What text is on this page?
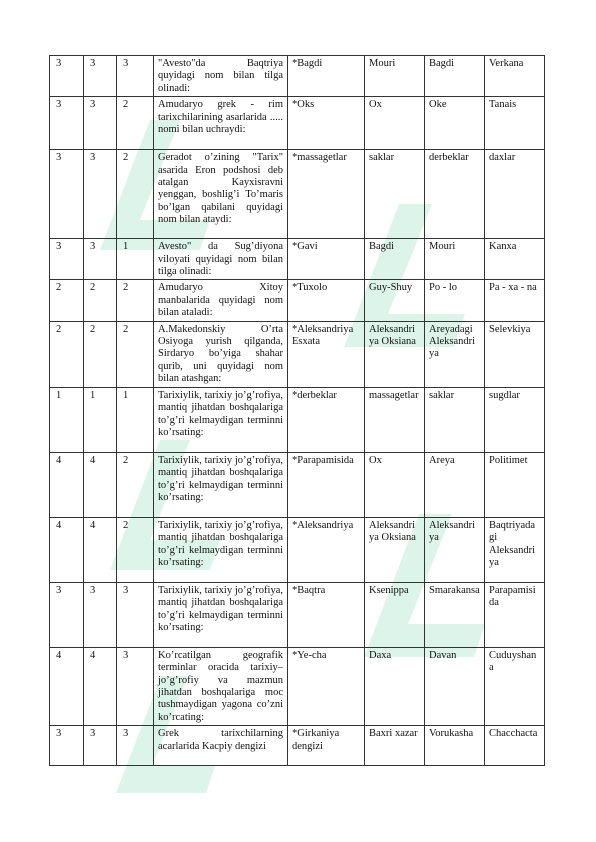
3	3	3	"Avesto"da Baqtriya quyidagi nom bilan tilga olinadi:	*Bagdi	Mouri	Bagdi	Verkana
3	3	2	Amudaryo grek - rim tarixchilarining asarlarida ..... nomi bilan uchraydi:	*Oks	Ox	Oke	Tanais
3	3	2	Geradot o’zining "Tarix" asarida Eron podshosi deb atalgan Kayxisravni yenggan, boshlig’i To’maris bo’lgan qabilani quyidagi nom bilan ataydi:	*massagetlar	saklar	derbeklar	daxlar
3	3	1	Avesto" da Sug’diyona viloyati quyidagi nom bilan tilga olinadi:	*Gavi	Bagdi	Mouri	Kanxa
2	2	2	Amudaryo Xitoy manbalarida quyidagi nom bilan ataladi:	*Tuxolo	Guy-Shuy	Po - lo	Pa - xa - na
2	2	2	A.Makedonskiy O’rta Osiyoga yurish qilganda, Sirdaryo bo’yiga shahar qurib, uni quyidagi nom bilan atashgan:	*Aleksandriya Esxata	Aleksandriya Oksiana	Areyadagi Aleksandriya	Selevkiya
1	1	1	Tarixiylik, tarixiy jo’g’rofiya, mantiq jihatdan boshqalariga to’g’ri kelmaydigan terminni ko’rsating:	*derbeklar	massagetlar	saklar	sugdlar
4	4	2	Tarixiylik, tarixiy jo’g’rofiya, mantiq jihatdan boshqalariga to’g’ri kelmaydigan terminni ko’rsating:	*Parapamisida	Ox	Areya	Politimet
4	4	2	Tarixiylik, tarixiy jo’g’rofiya, mantiq jihatdan boshqalariga to’g’ri kelmaydigan terminni ko’rsating:	*Aleksandriya	Aleksandriya Oksiana	Aleksandriya	Baqtriyadagi Aleksandriya
3	3	3	Tarixiylik, tarixiy jo’g’rofiya, mantiq jihatdan boshqalariga to’g’ri kelmaydigan terminni ko’rsating:	*Baqtra	Ksenippa	Smarakansa	Parapamisida
4	4	3	Ko’rcatilgan geografik terminlar oracida tarixiy–jo’g’rofiy va mazmun jihatdan boshqalariga moc tushmaydigan yagona co’zni ko’rcating:	*Ye-cha	Daxa	Davan	Cuduyshana
3	3	3	Grek tarixchilarning acarlarida Kacpiy dengizi	*Girkaniya dengizi	Baxri xazar	Vorukasha	Chacchacta
